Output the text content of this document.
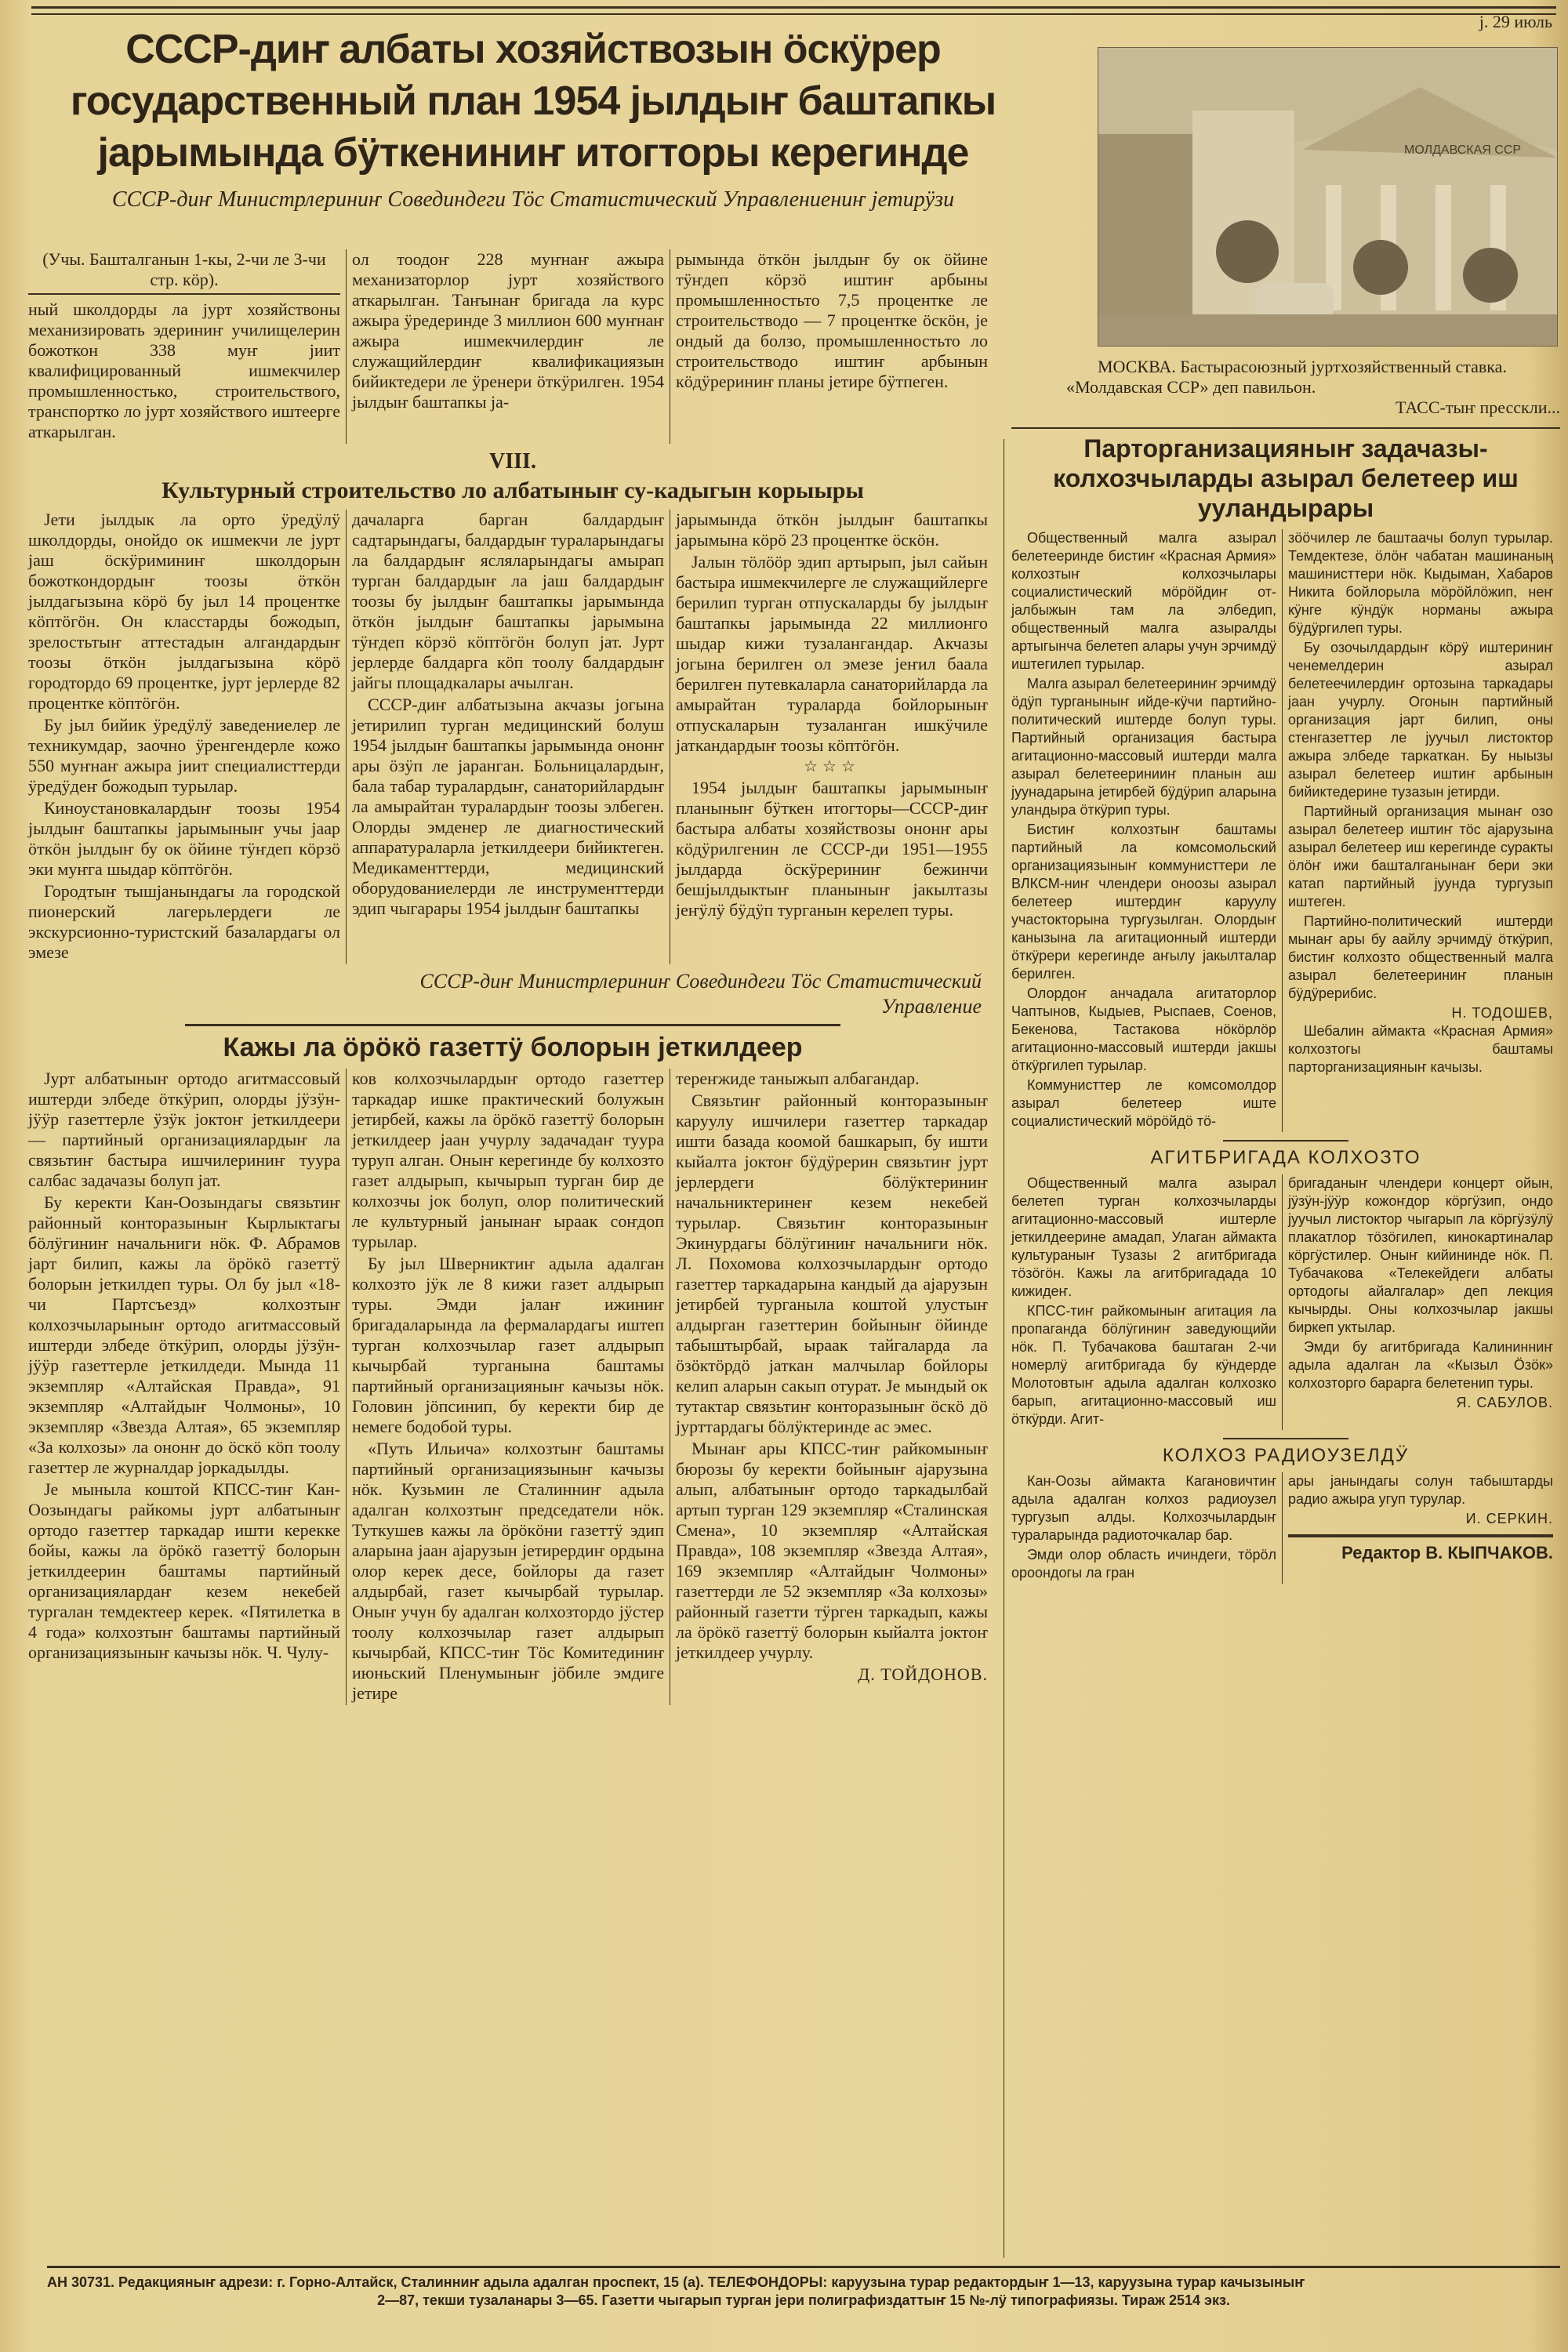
ј. 29 июль
СССР-диҥ албаты хозяйствозын ӧскӱрер государственный план 1954 јылдыҥ баштапкы јарымында бӱткениниҥ итогторы керегинде
СССР-диҥ Министрлериниҥ Совединдеги Тӧс Статистический Управлениениҥ јетирӱзи
(Учы. Башталганын 1-кы, 2-чи ле 3-чи стр. кӧр).

ный школдорды ла јурт хозяйствоны механизировать эдериниҥ училищелерин божоткон 338 муҥ јиит квалифицированный ишмекчилер промышленностько, строительствого, транспортко ло јурт хозяйствого иштеерге аткарылган.

ол тоодоҥ 228 муҥнаҥ ажыра механизаторлор јурт хозяйствого аткарылган. Таҥынаҥ бригада ла курс ажыра ӱредеринде 3 миллион 600 муҥнаҥ ажыра ишмекчилердиҥ ле служащийлердиҥ квалификациязын бийиктедери ле ӱренери ӧткӱрилген. 1954 јылдыҥ баштапкы ја-

рымында ӧткӧн јылдыҥ бу ок ӧйине тӱҥдеп кӧрзӧ иштиҥ арбыны промышленностьто 7,5 процентке ле строительстводо — 7 процентке ӧскӧн, је ондый да болзо, промышленностьто ло строительстводо иштиҥ арбынын кӧдӱрериниҥ планы јетире бӱтпеген.

VIII.
Культурный строительство ло албатыныҥ су-кадыгын корыыры

Јети јылдык ла орто ӱредӱлӱ школдорды, онойдо ок ишмекчи ле јурт јаш ӧскӱриминиҥ школдорын божоткондордыҥ тоозы ӧткӧн јылдагызына кӧрӧ бу јыл 14 процентке кӧптӧгӧн. Он класстарды божодып, зрелостьтыҥ аттестадын алгандардыҥ тоозы ӧткӧн јылдагызына кӧрӧ городтордо 69 процентке, јурт јерлерде 82 процентке кӧптӧгӧн.

Бу јыл бийик ӱредӱлӱ заведениелер ле техникумдар, заочно ӱренгендерле кожо 550 муҥнаҥ ажыра јиит специалисттерди ӱредӱдеҥ божодып турылар.

Киноустановкалардыҥ тоозы 1954 јылдыҥ баштапкы јарымыныҥ учы јаар ӧткӧн јылдыҥ бу ок ӧйине тӱҥдеп кӧрзӧ эки муҥга шыдар кӧптӧгӧн.

Городтыҥ тышјанындагы ла городской пионерский лагерьлердеги ле экскурсионно-туристский базалардагы ол эмезе

дачаларга барган балдардыҥ садтарындагы, балдардыҥ туралaрындагы ла балдардыҥ ясляларындагы амырап турган балдардыҥ ла јаш балдардыҥ тоозы бу јылдыҥ баштапкы јарымында ӧткӧн јылдыҥ баштапкы јарымына тӱҥдеп кӧрзӧ кӧптӧгӧн болуп јат. Јурт јерлерде балдарга кӧп тоолу балдардыҥ јайгы площадкалары ачылган.

СССР-диҥ албатызына акчазы јогына јетирилип турган медицинский болуш 1954 јылдыҥ баштапкы јарымында ононҥ ары ӧзӱп ле јаранган. Больницалардыҥ, бала табар туралардыҥ, санаторийлардыҥ ла амырайтан туралардыҥ тоозы элбеген. Олорды эмденер ле диагностический аппаратуралaрла јеткилдеери бийиктеген. Медикаменттерди, медицинский оборудованиелерди ле инструменттерди эдип чыгарары 1954 јылдыҥ баштапкы

јарымында ӧткӧн јылдыҥ баштапкы јарымына кӧрӧ 23 процентке ӧскӧн.

Јалын тӧлӧӧр эдип артырып, јыл сайын бастыра ишмекчилерге ле служащийлерге берилип турган отпускаларды бу јылдыҥ баштапкы јарымында 22 миллионго шыдар кижи тузалангандар. Акчазы јогына берилген ол эмезе јеҥил баала берилген путевкаларла санаторийларда ла амырайтан туралaрда бойлорыныҥ отпускаларын тузаланган ишкӱчиле јаткандардыҥ тоозы кӧптӧгӧн.

☆☆☆

1954 јылдыҥ баштапкы јарымыныҥ планыныҥ бӱткен итогторы—СССР-диҥ бастыра албаты хозяйствозы ононҥ ары кӧдӱрилгенин ле СССР-ди 1951—1955 јылдарда ӧскӱрериниҥ бежинчи бешјылдыктыҥ планыныҥ јакылтазы јеҥӱлӱ бӱдӱп турганын керелеп туры.

СССР-диҥ Министрлериниҥ Совединдеги Тӧс Статистический Управление
Кажы ла ӧрӧкӧ газеттӱ болорын јеткилдеер

Јурт албатыныҥ ортодо агитмассовый иштерди элбеде ӧткӱрип, олорды јӱзӱн-јӱӱр газеттерле ӱзӱк јоктоҥ јеткилдеери — партийный организациялардыҥ ла связьтиҥ бастыра ишчилериниҥ туура салбас задачазы болуп јат.

Бу керекти Кан-Оозындагы связьтиҥ районный конторазыныҥ Кырлыктагы бӧлӱгиниҥ начальниги нӧк. Ф. Абрамов јарт билип, кажы ла ӧрӧкӧ газеттӱ болорын јеткилдеп туры. Ол бу јыл «18-чи Партсъезд» колхозтыҥ колхозчыларыныҥ ортодо агитмассовый иштерди элбеде ӧткӱрип, олорды јӱзӱн-јӱӱр газеттерле јеткилдеди. Мында 11 экземпляр «Алтайская Правда», 91 экземпляр «Алтайдыҥ Чолмоны», 10 экземпляр «Звезда Алтая», 65 экземпляр «За колхозы» ла ононҥ до ӧскӧ кӧп тоолу газеттер ле журналдар јоркадылды.

Је мыныла коштой КПСС-тиҥ Кан-Оозындагы райкомы јурт албатыныҥ ортодо газеттер таркадар ишти керекке бойы, кажы ла ӧрӧкӧ газеттӱ болорын јеткилдеерин баштамы партийный организациялардаҥ кезем некебей тургалан темдектеер керек. «Пятилетка в 4 года» колхозтыҥ баштамы партийный организациязыныҥ качызы нӧк. Ч. Чулу-

ков колхозчылардыҥ ортодо газеттер таркадар ишке практический болужын јетирбей, кажы ла ӧрӧкӧ газеттӱ болорын јеткилдеер јаан учурлу задачадаҥ туура туруп алган. Оныҥ керегинде бу колхозто газет алдырып, кычырып турган бир де колхозчы јок болуп, олор политический ле культурный јанынаҥ ыраак соҥдоп турылар.

Бу јыл Шверниктиҥ адыла адалган колхозто јӱк ле 8 кижи газет алдырып туры. Эмди јалаҥ ижиниҥ бригадаларында ла фермалардагы иштеп турган колхозчылар газет алдырып кычырбай турганына баштамы партийный организацияныҥ качызы нӧк. Головин јӧпсинип, бу керекти бир де немеге бодобой туры.

«Путь Ильича» колхозтыҥ баштамы партийный организациязыныҥ качызы нӧк. Кузьмин ле Сталинниҥ адыла адалган колхозтыҥ председатели нӧк. Туткушев кажы ла ӧрӧкӧни газеттӱ эдип аларына јаан ајарузын јетирердиҥ ордына олор керек десе, бойлоры да газет алдырбай, газет кычырбай турылар. Оныҥ учун бу адалган колхозтордо јӱстер тоолу колхозчылар газет алдырып кычырбай, КПСС-тиҥ Тӧс Комитединиҥ июньский Пленумыныҥ јӧбиле эмдиге јетире

тереҥжиде таныжып албагандар.

Связьтиҥ районный конторазыныҥ каруулу ишчилери газеттер таркадар ишти базада коомой башкарып, бу ишти кыйалта јоктоҥ бӱдӱрерин связьтиҥ јурт јерлердеги бӧлӱктериниҥ начальниктеринеҥ кезем некебей турылар. Связьтиҥ конторазыныҥ Экинурдагы бӧлӱгиниҥ начальниги нӧк. Л. Похомова колхозчылардыҥ ортодо газеттер таркадарына кандый да ајарузын јетирбей турганыла коштой улустыҥ алдырган газеттерин бойыныҥ ӧйинде табыштырбай, ыраак тайгаларда ла ӧзӧктӧрдӧ јаткан малчылар бойлоры келип аларын сакып отурат. Је мындый ок тутактар связьтиҥ конторазыныҥ ӧскӧ дӧ јурттардагы бӧлӱктеринде ас эмес.

Мынаҥ ары КПСС-тиҥ райкомыныҥ бюрозы бу керекти бойыныҥ ајарузына алып, албатыныҥ ортодо таркадылбай артып турган 129 экземпляр «Сталинская Смена», 10 экземпляр «Алтайская Правда», 108 экземпляр «Звезда Алтая», 169 экземпляр «Алтайдыҥ Чолмоны» газеттерди ле 52 экземпляр «За колхозы» районный газетти тӱрген таркадып, кажы ла ӧрӧкӧ газеттӱ болорын кыйалта јоктоҥ јеткилдеер учурлу.

Д. ТОЙДОНОВ.
МОЛДАВСКАЯ ССР
МОСКВА. Бастырасоюзный јуртхозяйственный ставка. «Молдавская ССР» деп павильон.
ТАСС-тыҥ пресскли...
Парторганизацияныҥ задачазы-колхозчыларды азырал белетеер иш ууландырары

Общественный малга азырал белетееринде бистиҥ «Красная Армия» колхозтыҥ колхозчылары социалистический мӧрӧйдиҥ от-јалбыжын там ла элбедип, общественный малга азыралды артыгынча белетеп алары учун эрчимдӱ иштегилеп турылар.

Малга азырал белетеериниҥ эрчимдӱ ӧдӱп турганыныҥ ийде-кӱчи партийно-политический иштерде болуп туры. Партийный организация бастыра агитационно-массовый иштерди малга азырал белетееринииҥ планын аш јуунадарына јетирбей бӱдӱрип аларына уландыра ӧткӱрип туры.

Бистиҥ колхозтыҥ баштамы партийный ла комсомольский организациязыныҥ коммунисттери ле ВЛКСМ-ниҥ члендери оноозы азырал белетеер иштердиҥ каруулу участокторына тургузылган. Олордыҥ канызына ла агитационный иштерди ӧткӱрери керегинде аҥылу јакылталар берилген.

Олордоҥ анчадала агитаторлор Чаптынов, Кыдыев, Рыспаев, Соенов, Бекенова, Тастакова нӧкӧрлӧр агитационно-массовый иштерди јакшы ӧткӱргилеп турылар.

Коммунисттер ле комсомолдор азырал белетеер иште социалистический мӧрӧйдӧ тӧ-

зӧӧчилер ле баштаачы болуп турылар. Темдектезе, ӧлӧҥ чабатан машинаның машинисттери нӧк. Кыдыман, Хабаров Никита бойлорыла мӧрӧйлӧжип, неҥ кӱнге кӱндӱк норманы ажыра бӱдӱргилеп туры.

Бу озочылдардыҥ кӧрӱ иштериниҥ ченемелдерин азырал белетеечилердиҥ ортозына таркадары јаан учурлу. Огонын партийный организация јарт билип, оны стенгазеттер ле јуучыл листоктор ажыра элбеде таркаткан. Бу ныызы азырал белетеер иштиҥ арбынын бийиктедерине тузазын јетирди.

Партийный организация мынаҥ озо азырал белетеер иштиҥ тӧс ајарузына азырал белетеер иш керегинде суракты ӧлӧҥ ижи башталганынаҥ бери эки катап партийный јуунда тургузып иштеген.

Партийно-политический иштерди мынаҥ ары бу аайлу эрчимдӱ ӧткӱрип, бистиҥ колхозто общественный малга азырал белетеериниҥ планын бӱдӱрерибис.

Н. ТОДОШЕВ,
Шебалин аймакта «Красная Армия» колхозтогы баштамы парторганизацияныҥ качызы.
АГИТБРИГАДА КОЛХОЗТО

Общественный малга азырал белетеп турган колхозчыларды агитационно-массовый иштерле јеткилдееринe амадап, Улаган аймакта культураныҥ Тузазы 2 агитбригада тӧзӧгӧн. Кажы ла агитбригадада 10 кижидеҥ.

КПСС-тиҥ райкомыныҥ агитация ла пропаганда бӧлӱгиниҥ заведующийи нӧк. П. Тубачакова баштаган 2-чи номерлӱ агитбригада бу кӱндерде Молотовтыҥ адыла адалган колхозко барып, агитационно-массовый иш ӧткӱрди. Агит-

бригаданыҥ члендери концерт ойын, јӱзӱн-јӱӱр кожоҥдор кӧргӱзип, ондо јуучыл листоктор чыгарып ла кӧргӱзӱлӱ плакатлор тӧзӧгилеп, кинокартиналар кӧргӱстилер. Оныҥ кийининде нӧк. П. Тубачакова «Телекейдеги албаты ортодогы айалгалар» деп лекция кычырды. Оны колхозчылар јакшы биркеп уктылар.

Эмди бу агитбригада Калининниҥ адыла адалган ла «Кызыл Ӧзӧк» колхозторго барарга белетенип туры.

Я. САБУЛОВ.
КОЛХОЗ РАДИОУЗЕЛДӰ

Кан-Оозы аймакта Кагановичтиҥ адыла адалган колхоз радиоузел тургузып алды. Колхозчылардыҥ туралaрында радиоточкалар бар.

Эмди олор область ичиндеги, тӧрӧл ороондогы ла гран

ары јанындагы солун табыштарды радио ажыра угуп турулар.

И. СЕРКИН.
Редактор В. КЫПЧАКОВ.
АН 30731. Редакцияныҥ адрези: г. Горно-Алтайск, Сталинниҥ адыла адалган проспект, 15 (а). ТЕЛЕФОНДОРЫ: каруузына турар редактордыҥ 1—13, каруузына турар качызыныҥ
2—87, текши тузаланары 3—65. Газетти чыгарып турган јери полиграфиздаттыҥ 15 №-лӱ типографиязы. Тираж 2514 экз.
